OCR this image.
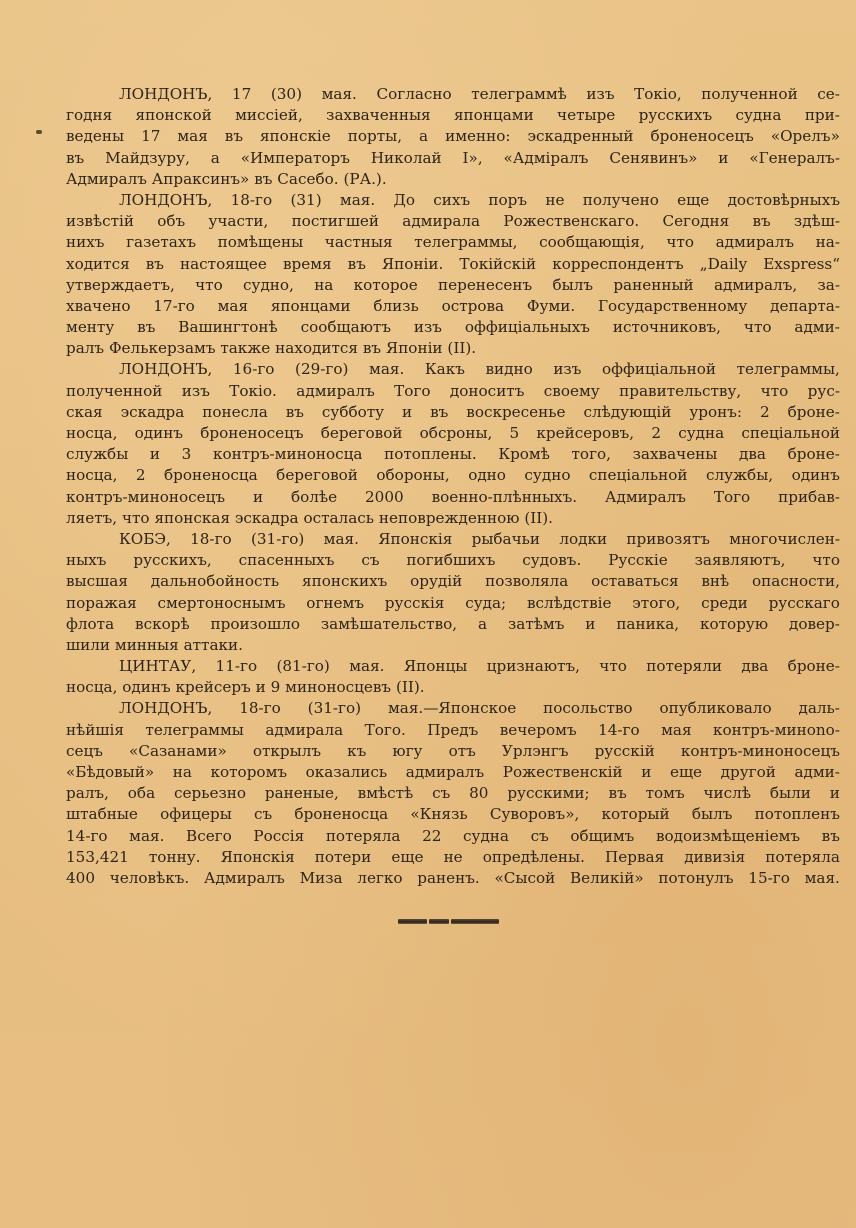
ЛОНДОНЪ, 17 (30) мая. Согласно телеграммѣ изъ Токіо, полученной се-
годня японской миссіей, захваченныя японцами четыре русскихъ судна при-
ведены 17 мая въ японскіе порты, а именно: эскадренный броненосецъ «Орелъ»
въ Майдзуру, а «Императоръ Николай I», «Адміралъ Сенявинъ» и «Генералъ-
Адмиралъ Апраксинъ» въ Сасебо. (РА.).
ЛОНДОНЪ, 18-го (31) мая. До сихъ поръ не получено еще достовѣрныхъ
извѣстій объ участи, постигшей адмирала Рожественскаго. Сегодня въ здѣш-
нихъ газетахъ помѣщены частныя телеграммы, сообщающія, что адмиралъ на-
ходится въ настоящее время въ Японіи. Токійскій корреспондентъ „Daily Exspress“
утверждаетъ, что судно, на которое перенесенъ былъ раненный адмиралъ, за-
хвачено 17-го мая японцами близь острова Фуми. Государственному департа-
менту въ Вашингтонѣ сообщаютъ изъ оффиціальныхъ источниковъ, что адми-
ралъ Фелькерзамъ также находится въ Японіи (II).
ЛОНДОНЪ, 16-го (29-го) мая. Какъ видно изъ оффиціальной телеграммы,
полученной изъ Токіо. адмиралъ Того доноситъ своему правительству, что рус-
ская эскадра понесла въ субботу и въ воскресенье слѣдующій уронъ: 2 броне-
носца, одинъ броненосецъ береговой обсроны, 5 крейсеровъ, 2 судна спеціальной
службы и 3 контръ-миноносца потоплены. Кромѣ того, захвачены два броне-
носца, 2 броненосца береговой обороны, одно судно спеціальной службы, одинъ
контръ-миноносецъ и болѣе 2000 военно-плѣнныхъ. Адмиралъ Того прибав-
ляетъ, что японская эскадра осталась неповрежденною (II).
КОБЭ, 18-го (31-го) мая. Японскія рыбачьи лодки привозятъ многочислен-
ныхъ русскихъ, спасенныхъ съ погибшихъ судовъ. Русскіе заявляютъ, что
высшая дальнобойность японскихъ орудій позволяла оставаться внѣ опасности,
поражая смертоноснымъ огнемъ русскія суда; вслѣдствіе этого, среди русскаго
флота вскорѣ произошло замѣшательство, а затѣмъ и паника, которую довер-
шили минныя аттаки.
ЦИНТАУ, 11-го (81-го) мая. Японцы цризнаютъ, что потеряли два броне-
носца, одинъ крейсеръ и 9 миноносцевъ (II).
ЛОНДОНЪ, 18-го (31-го) мая.—Японское посольство опубликовало даль-
нѣйшія телеграммы адмирала Того. Предъ вечеромъ 14-го мая контръ-минono-
сецъ «Сазанами» открылъ къ югу отъ Урлэнгъ русскій контръ-миноносецъ
«Бѣдовый» на которомъ оказались адмиралъ Рожественскій и еще другой адми-
ралъ, оба серьезно раненые, вмѣстѣ съ 80 русскими; въ томъ числѣ были и
штабные офицеры съ броненосца «Князь Суворовъ», который былъ потопленъ
14-го мая. Всего Россія потеряла 22 судна съ общимъ водоизмѣщеніемъ въ
153,421 тонну. Японскія потери еще не опредѣлены. Первая дивизія потеряла
400 человѣкъ. Адмиралъ Миза легко раненъ. «Сысой Великій» потонулъ 15-го мая.
